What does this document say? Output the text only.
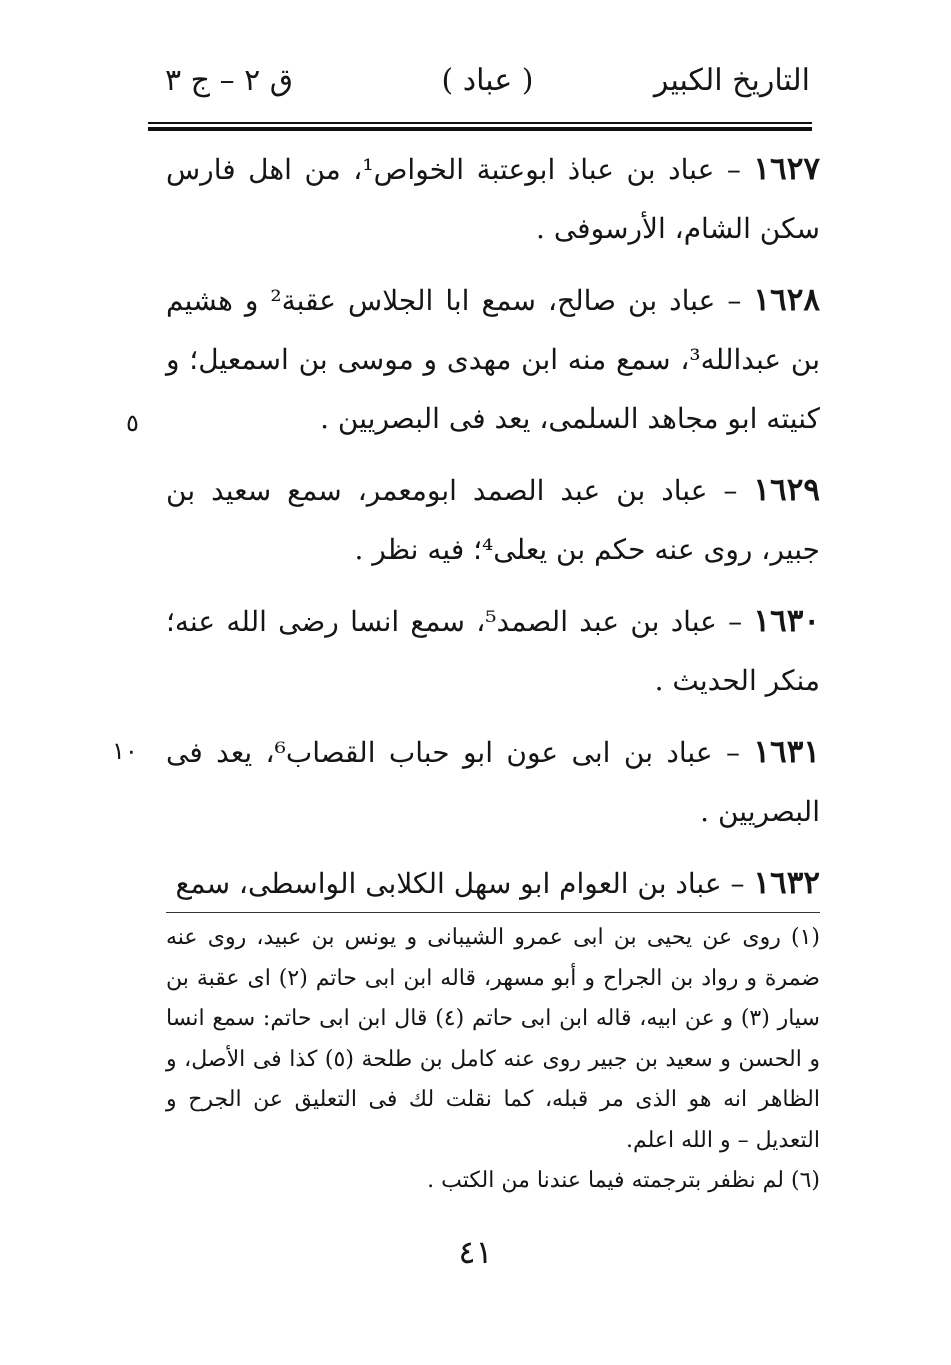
التاريخ الكبير
( عباد )
ق ٢ – ج ٣

١٦٢٧ – عباد بن عباذ ابوعتبة الخواص¹، من اهل فارس سكن الشام، الأرسوفى .

١٦٢٨ – عباد بن صالح، سمع ابا الجلاس عقبة² و هشيم بن عبدالله³، سمع منه ابن مهدى و موسى بن اسمعيل؛ و كنيته ابو مجاهد السلمى، يعد فى البصريين .

١٦٢٩ – عباد بن عبد الصمد ابومعمر، سمع سعيد بن جبير، روى عنه حكم بن يعلى⁴؛ فيه نظر .

١٦٣٠ – عباد بن عبد الصمد⁵، سمع انسا رضى الله عنه؛ منكر الحديث .

١٦٣١ – عباد بن ابى عون ابو حباب القصاب⁶، يعد فى البصريين .

١٦٣٢ – عباد بن العوام ابو سهل الكلابى الواسطى، سمع

٥
١٠

(١) روى عن يحيى بن ابى عمرو الشيبانى و يونس بن عبيد، روى عنه ضمرة و رواد بن الجراح و أبو مسهر، قاله ابن ابى حاتم (٢) اى عقبة بن سيار (٣) و عن ابيه، قاله ابن ابى حاتم (٤) قال ابن ابى حاتم: سمع انسا و الحسن و سعيد بن جبير روى عنه كامل بن طلحة (٥) كذا فى الأصل، و الظاهر انه هو الذى مر قبله، كما نقلت لك فى التعليق عن الجرح و التعديل – و الله اعلم.

(٦) لم نظفر بترجمته فيما عندنا من الكتب .

٤١
